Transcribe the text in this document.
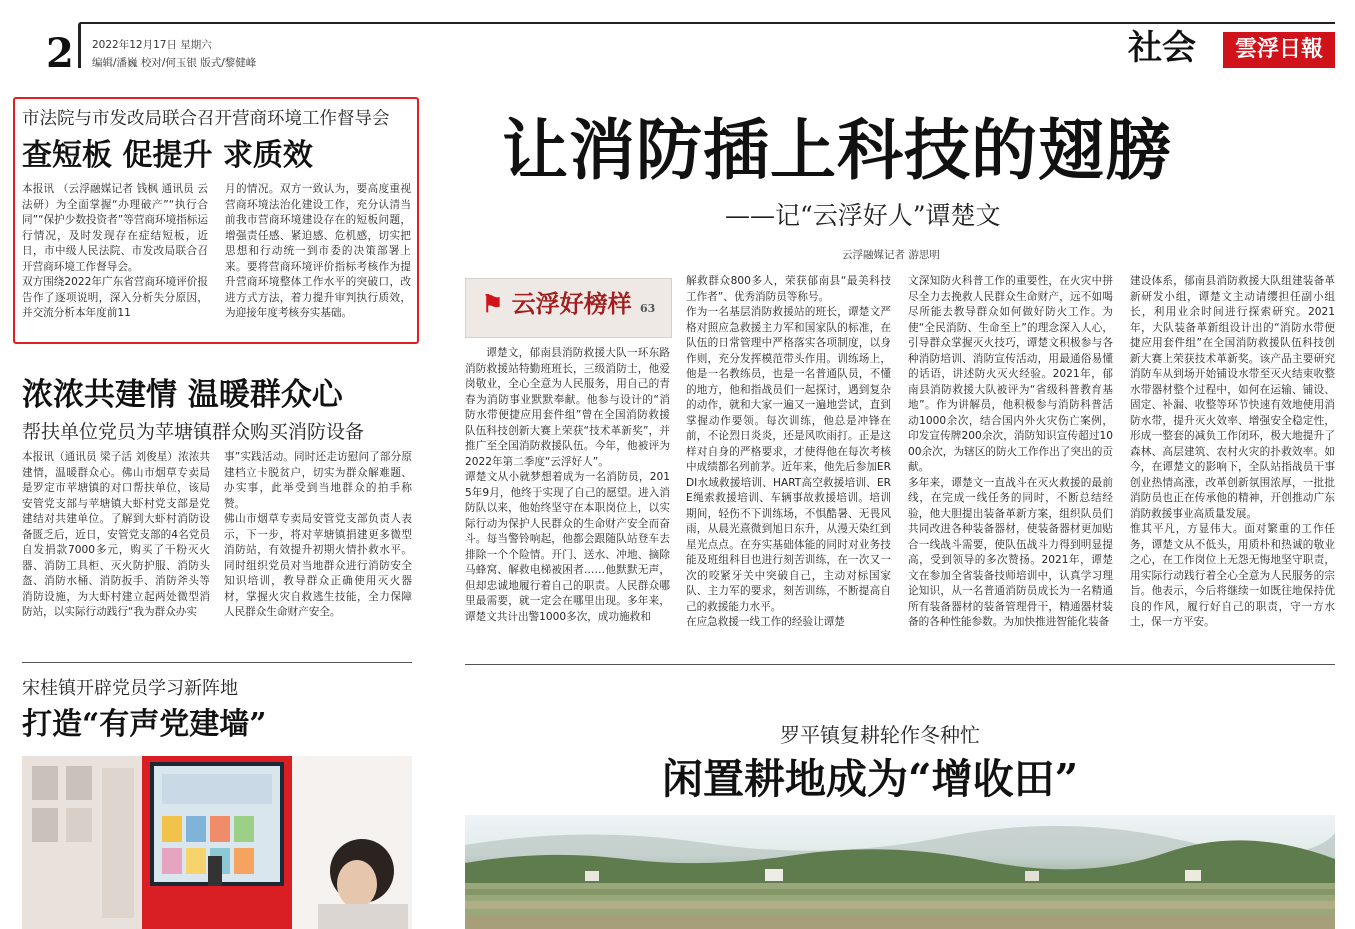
2 2022年12月17日 星期六
编辑/潘巍 校对/何玉银 版式/黎健峰	社会	雲浮日報
市法院与市发改局联合召开营商环境工作督导会
查短板 促提升 求质效
本报讯 （云浮融媒记者 钱枫 通讯员 云法研）为全面掌握“办理破产”“执行合同”“保护少数投资者”等营商环境指标运行情况，及时发现存在症结短板，近日，市中级人民法院、市发改局联合召开营商环境工作督导会。
双方围绕2022年广东省营商环境评价报告作了逐项说明，深入分析失分原因，并交流分析本年度前11
月的情况。双方一致认为，要高度重视营商环境法治化建设工作，充分认清当前我市营商环境建设存在的短板问题，增强责任感、紧迫感、危机感，切实把思想和行动统一到市委的决策部署上来。要将营商环境评价指标考核作为提升营商环境整体工作水平的突破口，改进方式方法，着力提升审判执行质效，为迎接年度考核夯实基础。
浓浓共建情 温暖群众心
帮扶单位党员为苹塘镇群众购买消防设备
本报讯（通讯员 梁子活 刘俊星）浓浓共建情，温暖群众心。佛山市烟草专卖局是罗定市苹塘镇的对口帮扶单位，该局安管党支部与苹塘镇大虾村党支部是党建结对共建单位。了解到大虾村消防设备匮乏后，近日，安管党支部的4名党员自发捐款7000多元，购买了干粉灭火器、消防工具柜、灭火防护服、消防头盔、消防水桶、消防扳手、消防斧头等消防设施，为大虾村建立起两处微型消防站，以实际行动践行“我为群众办实
事”实践活动。同时还走访慰问了部分原建档立卡脱贫户，切实为群众解难题、办实事，此举受到当地群众的拍手称赞。
佛山市烟草专卖局安管党支部负责人表示，下一步，将对苹塘镇捐建更多微型消防站，有效提升初期火情扑救水平。同时组织党员对当地群众进行消防安全知识培训，教导群众正确使用灭火器材，掌握火灾自救逃生技能，全力保障人民群众生命财产安全。
宋桂镇开辟党员学习新阵地
打造“有声党建墙”
让消防插上科技的翅膀
——记“云浮好人”谭楚文
云浮融媒记者 游思明
⚑ 云浮好榜样 63
谭楚文，郁南县消防救援大队一环东路消防救援站特勤班班长，三级消防士，他爱岗敬业，全心全意为人民服务，用自己的青春为消防事业默默奉献。他参与设计的“消防水带便捷应用套件组”曾在全国消防救援队伍科技创新大赛上荣获“技术革新奖”，并推广至全国消防救援队伍。今年，他被评为2022年第二季度“云浮好人”。
谭楚文从小就梦想着成为一名消防员，2015年9月，他终于实现了自己的愿望。进入消防队以来，他始终坚守在本职岗位上，以实际行动为保护人民群众的生命财产安全而奋斗。每当警铃响起，他都会跟随队站登车去排除一个个险情。开门、送水、冲地、摘除马蜂窝、解救电梯被困者……他默默无声，但却忠诚地履行着自己的职责。人民群众哪里最需要，就一定会在哪里出现。多年来，谭楚文共计出警1000多次，成功施救和
解救群众800多人，荣获郁南县“最美科技工作者”、优秀消防员等称号。
作为一名基层消防救援站的班长，谭楚文严格对照应急救援主力军和国家队的标准，在队伍的日常管理中严格落实各项制度，以身作则，充分发挥模范带头作用。训练场上，他是一名教练员，也是一名普通队员，不懂的地方，他和指战员们一起探讨，遇到复杂的动作，就和大家一遍又一遍地尝试，直到掌握动作要领。每次训练，他总是冲锋在前，不论烈日炎炎，还是风吹雨打。正是这样对自身的严格要求，才使得他在每次考核中成绩都名列前茅。近年来，他先后参加ERDI水域救援培训、HART高空救援培训、ERE绳索救援培训、车辆事故救援培训。培训期间，轻伤不下训练场，不惧酷暑、无畏风雨，从晨光熹微到旭日东升，从漫天染红到星光点点。在夯实基础体能的同时对业务技能及班组科目也进行刻苦训练，在一次又一次的咬紧牙关中突破自己，主动对标国家队、主力军的要求，刻苦训练，不断提高自己的救援能力水平。
在应急救援一线工作的经验让谭楚
文深知防火科普工作的重要性，在火灾中拼尽全力去挽救人民群众生命财产，远不如喝尽所能去教导群众如何做好防火工作。为使“全民消防、生命至上”的理念深入人心，引导群众掌握灭火技巧，谭楚文积极参与各种消防培训、消防宣传活动，用最通俗易懂的话语，讲述防火灭火经验。2021年，郁南县消防救援大队被评为“省级科普教育基地”。作为讲解员，他积极参与消防科普活动1000余次，结合国内外火灾伤亡案例，印发宣传牌200余次，消防知识宣传超过1000余次，为辖区的防火工作作出了突出的贡献。
多年来，谭楚文一直战斗在灭火救援的最前线，在完成一线任务的同时，不断总结经验，他大胆提出装备革新方案，组织队员们共同改进各种装备器材，使装备器材更加贴合一线战斗需要，使队伍战斗力得到明显提高，受到领导的多次赞扬。2021年，谭楚文在参加全省装备技师培训中，认真学习理论知识，从一名普通消防员成长为一名精通所有装备器材的装备管理骨干，精通器材装备的各种性能参数。为加快推进智能化装备
建设体系，郁南县消防救援大队组建装备革新研发小组，谭楚文主动请缨担任副小组长，利用业余时间进行探索研究。2021年，大队装备革新组设计出的“消防水带便捷应用套件组”在全国消防救援队伍科技创新大赛上荣获技术革新奖。该产品主要研究消防车从到场开始铺设水带至灭火结束收整水带器材整个过程中，如何在运输、铺设、固定、补漏、收整等环节快速有效地使用消防水带，提升灭火效率、增强安全稳定性，形成一整套的减负工作闭环，极大地提升了森林、高层建筑、农村火灾的扑救效率。如今，在谭楚文的影响下，全队站指战员干事创业热情高涨，改革创新氛围浓厚，一批批消防员也正在传承他的精神，开创推动广东消防救援事业高质量发展。
惟其平凡，方显伟大。面对繁重的工作任务，谭楚文从不低头，用质朴和热诚的敬业之心，在工作岗位上无怨无悔地坚守职责，用实际行动践行着全心全意为人民服务的宗旨。他表示，今后将继续一如既往地保持优良的作风，履行好自己的职责，守一方水土，保一方平安。
罗平镇复耕轮作冬种忙
闲置耕地成为“增收田”
